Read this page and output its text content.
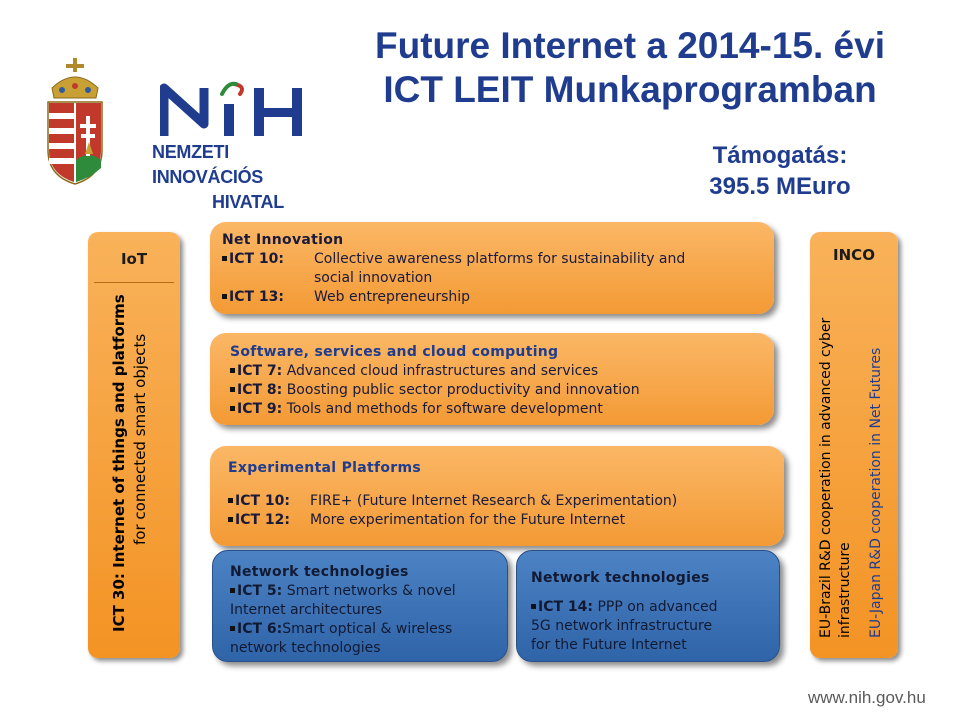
Future Internet a 2014-15. évi
ICT LEIT Munkaprogramban
Támogatás:
395.5 MEuro
NEMZETI INNOVÁCIÓS
HIVATAL
IoT
ICT 30: Internet of things and platforms for connected smart objects
INCO
EU-Brazil R&D cooperation in advanced cyber infrastructure EU-Japan R&D cooperation in Net Futures
Net Innovation
ICT 10:	Collective awareness platforms for sustainability and
social innovation
ICT 13:	Web entrepreneurship
Software, services and cloud computing
ICT 7: Advanced cloud infrastructures and services
ICT 8: Boosting public sector productivity and innovation
ICT 9: Tools and methods for software development
Experimental Platforms
ICT 10:	FIRE+ (Future Internet Research & Experimentation)
ICT 12:	More experimentation for the Future Internet
Network technologies
ICT 5: Smart networks & novel
Internet architectures
ICT 6:Smart optical & wireless
network technologies
Network technologies
ICT 14: PPP on advanced
5G network infrastructure
for the Future Internet
www.nih.gov.hu
